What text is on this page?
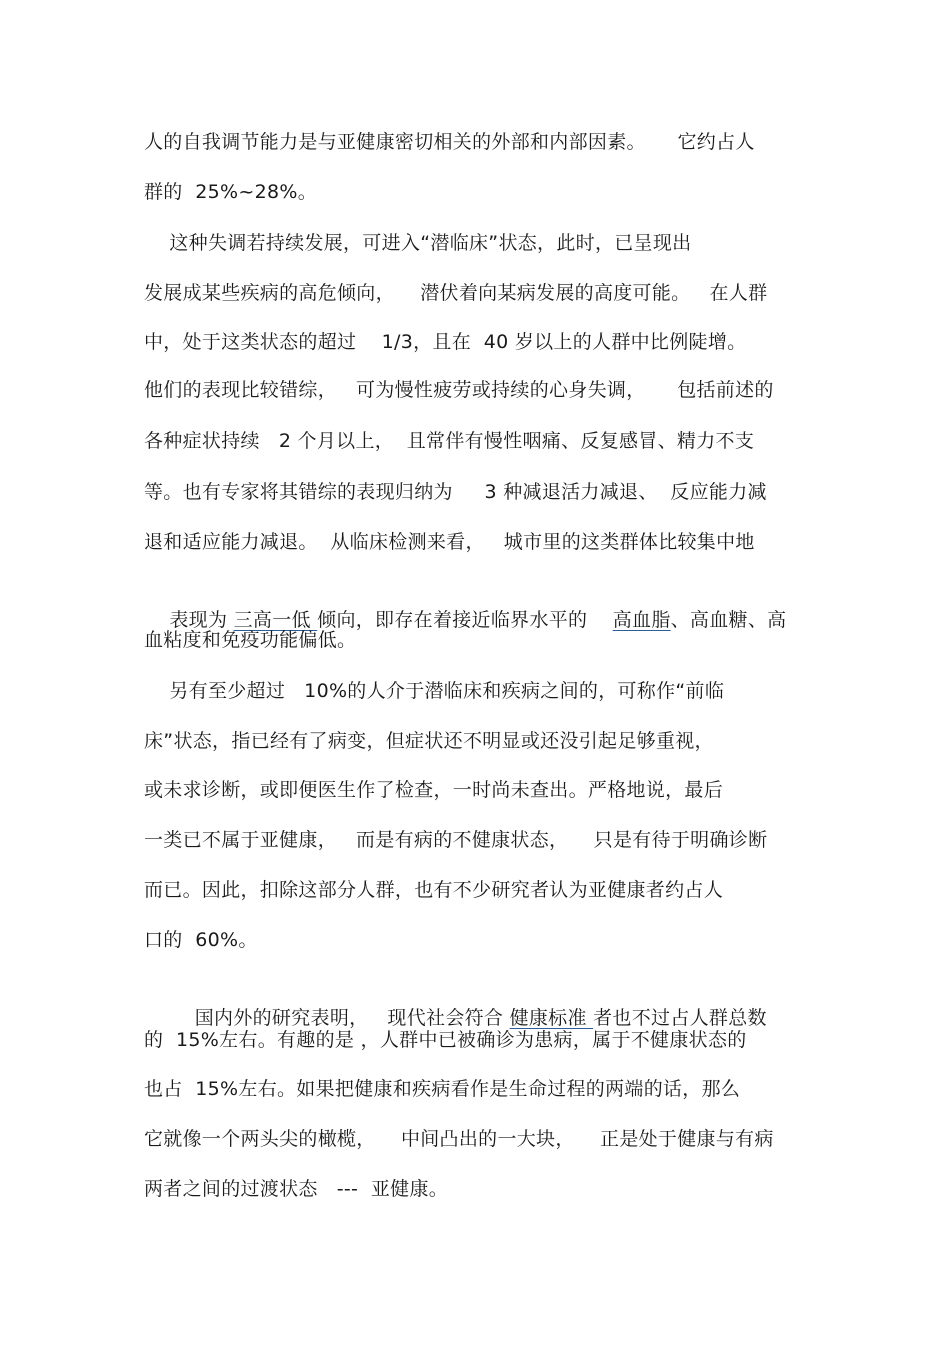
人的自我调节能力是与亚健康密切相关的外部和内部因素。     它约占人
群的  25%~28%。
这种失调若持续发展，可进入“潜临床”状态，此时，已呈现出
发展成某些疾病的高危倾向，    潜伏着向某病发展的高度可能。   在人群
中，处于这类状态的超过    1/3，且在  40 岁以上的人群中比例陡增。
他们的表现比较错综，   可为慢性疲劳或持续的心身失调，     包括前述的
各种症状持续   2 个月以上，  且常伴有慢性咽痛、反复感冒、精力不支
等。也有专家将其错综的表现归纳为     3 种减退活力减退、  反应能力减
退和适应能力减退。  从临床检测来看，   城市里的这类群体比较集中地

表现为 三高一低 倾向，即存在着接近临界水平的    高血脂、高血糖、高

血粘度和免疫功能偏低。
另有至少超过   10%的人介于潜临床和疾病之间的，可称作“前临
床”状态，指已经有了病变，但症状还不明显或还没引起足够重视，
或未求诊断，或即便医生作了检查，一时尚未查出。严格地说，最后
一类已不属于亚健康，   而是有病的不健康状态，    只是有待于明确诊断
而已。因此，扣除这部分人群，也有不少研究者认为亚健康者约占人
口的  60%。

国内外的研究表明，   现代社会符合 健康标准 者也不过占人群总数

的  15%左右。有趣的是 ，人群中已被确诊为患病，属于不健康状态的
也占  15%左右。如果把健康和疾病看作是生命过程的两端的话，那么
它就像一个两头尖的橄榄，    中间凸出的一大块，    正是处于健康与有病
两者之间的过渡状态   ---  亚健康。
